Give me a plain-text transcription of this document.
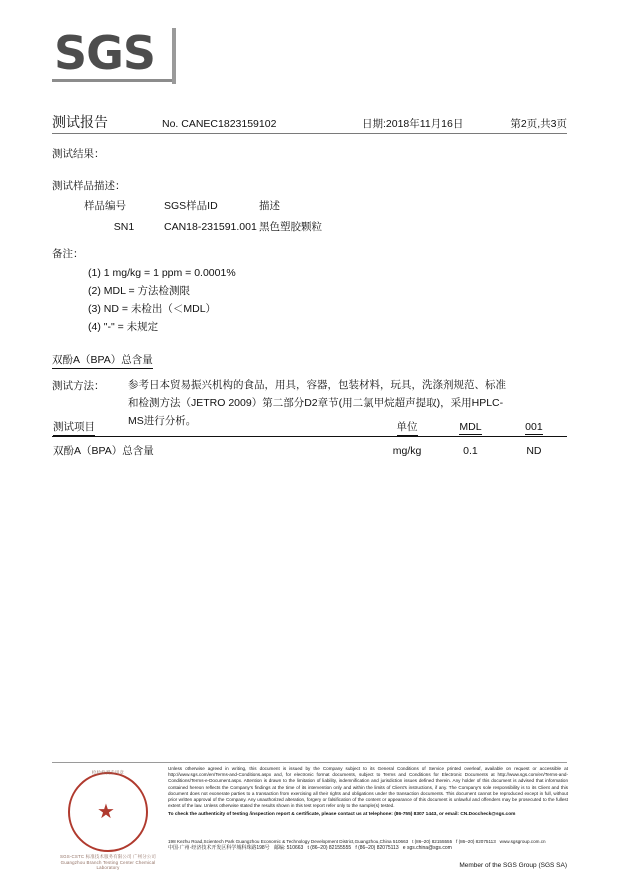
SGS
测试报告	No. CANEC1823159102	日期:2018年11月16日	第2页,共3页
测试结果：
测试样品描述：
样品编号	SGS样品ID	描述
SN1	CAN18-231591.001	黑色塑胶颗粒
备注：
(1) 1 mg/kg = 1 ppm = 0.0001%
(2) MDL = 方法检测限
(3) ND = 未检出（＜MDL）
(4) "-" = 未规定
双酚A（BPA）总含量
测试方法： 参考日本贸易振兴机构的食品，用具，容器，包装材料，玩具，洗涤剂规范、标准和检测方法（JETRO 2009）第二部分D2章节(用二氯甲烷超声提取)，采用HPLC-MS进行分析。
测试项目	单位	MDL	001
双酚A（BPA）总含量	mg/kg	0.1	ND
★
检验检测专用章
SGS-CSTC 标准技术服务有限公司 广州分公司
Guangzhou Branch Testing Center Chemical Laboratory
Unless otherwise agreed in writing, this document is issued by the Company subject to its General Conditions of Service printed overleaf, available on request or accessible at http://www.sgs.com/en/Terms-and-Conditions.aspx and, for electronic format documents, subject to Terms and Conditions for Electronic Documents at http://www.sgs.com/en/Terms-and-Conditions/Terms-e-Document.aspx. Attention is drawn to the limitation of liability, indemnification and jurisdiction issues defined therein. Any holder of this document is advised that information contained hereon reflects the Company's findings at the time of its intervention only and within the limits of Client's instructions, if any. The Company's sole responsibility is to its Client and this document does not exonerate parties to a transaction from exercising all their rights and obligations under the transaction documents. This document cannot be reproduced except in full, without prior written approval of the Company. Any unauthorized alteration, forgery or falsification of the content or appearance of this document is unlawful and offenders may be prosecuted to the fullest extent of the law. Unless otherwise stated the results shown in this test report refer only to the sample(s) tested.
To check the authenticity of testing /inspection report & certificate, please contact us at telephone: (86-755) 8307 1443, or email: CN.Doccheck@sgs.com
198 Kezhu Road,Scientech Park Guangzhou Economic & Technology Development District,Guangzhou,China 510663 t (86–20) 82155555 f (86–20) 82075113 www.sgsgroup.com.cn
中国·广州·经济技术开发区科学城科珠路198号 邮编: 510663 t (86–20) 82155555 f (86–20) 82075113 e sgs.china@sgs.com
Member of the SGS Group (SGS SA)
